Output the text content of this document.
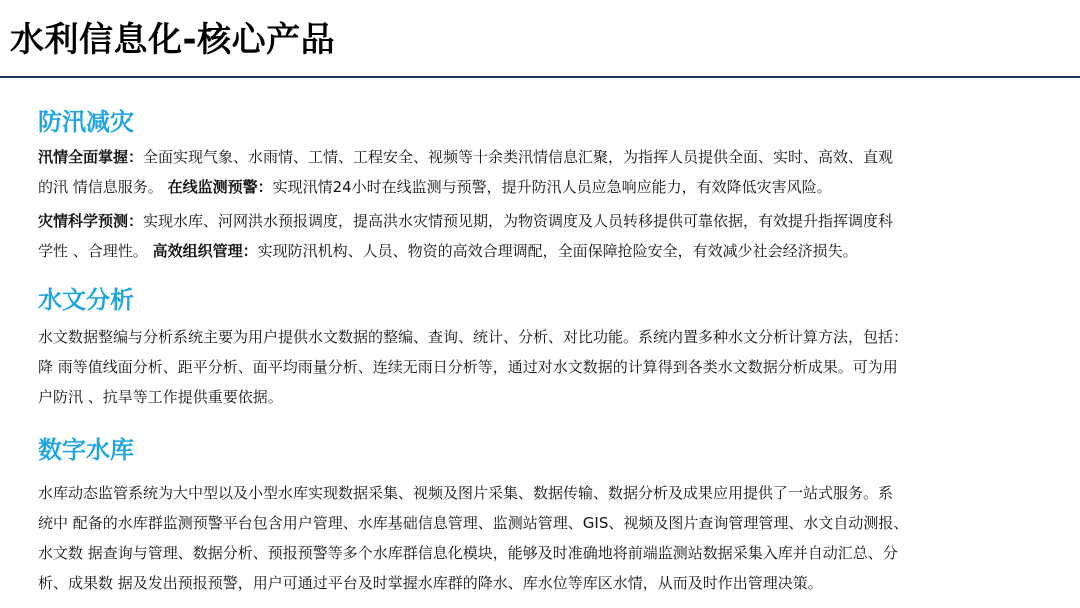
水利信息化-核心产品
防汛减灾
汛情全面掌握：全面实现气象、水雨情、工情、工程安全、视频等十余类汛情信息汇聚，为指挥人员提供全面、实时、高效、直观
的汛 情信息服务。 在线监测预警：实现汛情24小时在线监测与预警，提升防汛人员应急响应能力，有效降低灾害风险。
灾情科学预测：实现水库、河网洪水预报调度，提高洪水灾情预见期，为物资调度及人员转移提供可靠依据，有效提升指挥调度科
学性 、合理性。 高效组织管理：实现防汛机构、人员、物资的高效合理调配，全面保障抢险安全，有效减少社会经济损失。
水文分析
水文数据整编与分析系统主要为用户提供水文数据的整编、查询、统计、分析、对比功能。系统内置多种水文分析计算方法，包括：
降 雨等值线面分析、距平分析、面平均雨量分析、连续无雨日分析等，通过对水文数据的计算得到各类水文数据分析成果。可为用
户防汛 、抗旱等工作提供重要依据。
数字水库
水库动态监管系统为大中型以及小型水库实现数据采集、视频及图片采集、数据传输、数据分析及成果应用提供了一站式服务。系
统中 配备的水库群监测预警平台包含用户管理、水库基础信息管理、监测站管理、GIS、视频及图片查询管理管理、水文自动测报、
水文数 据查询与管理、数据分析、预报预警等多个水库群信息化模块，能够及时准确地将前端监测站数据采集入库并自动汇总、分
析、成果数 据及发出预报预警，用户可通过平台及时掌握水库群的降水、库水位等库区水情，从而及时作出管理决策。
